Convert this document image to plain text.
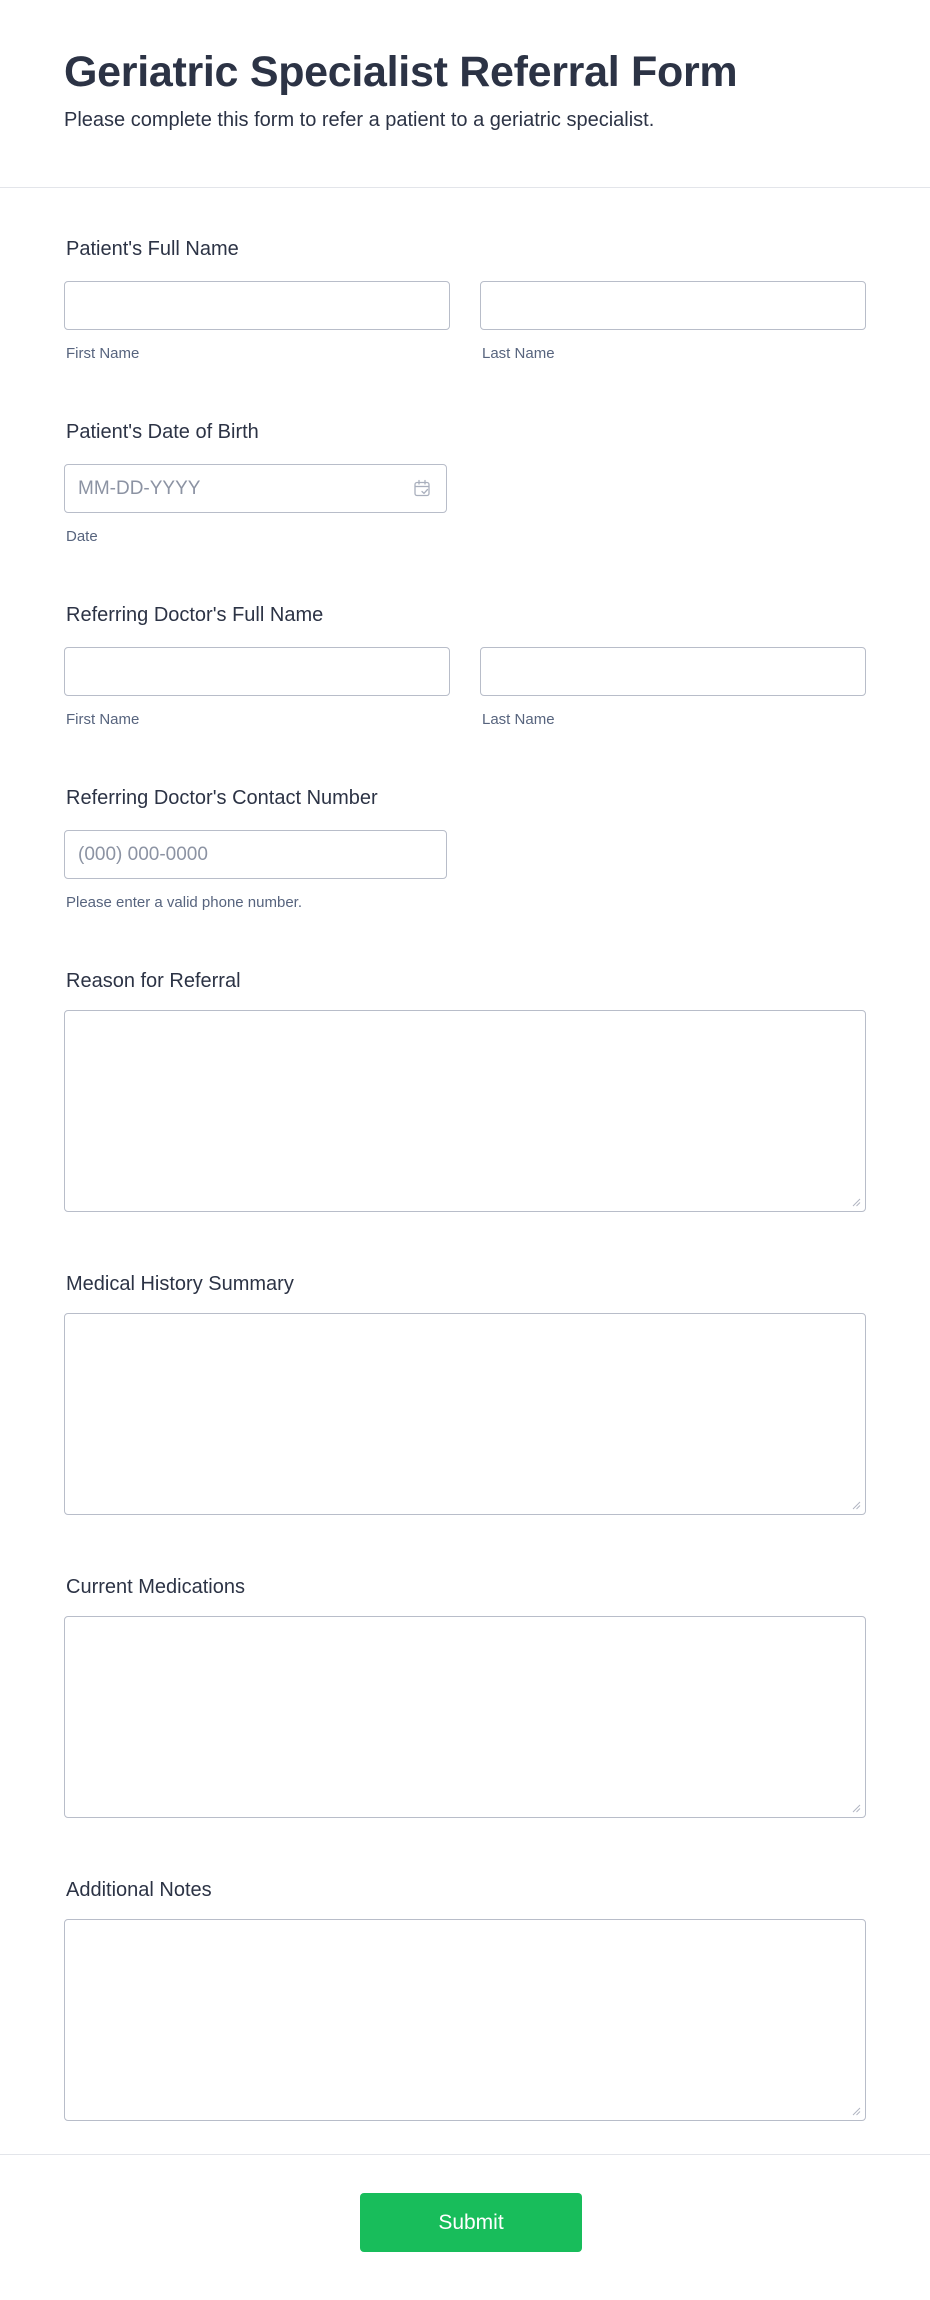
Geriatric Specialist Referral Form

Please complete this form to refer a patient to a geriatric specialist.

Patient's Full Name
First Name	Last Name
Patient's Date of Birth
MM-DD-YYYY
Date
Referring Doctor's Full Name
First Name	Last Name
Referring Doctor's Contact Number
(000) 000-0000
Please enter a valid phone number.
Reason for Referral
Medical History Summary
Current Medications
Additional Notes
Submit
